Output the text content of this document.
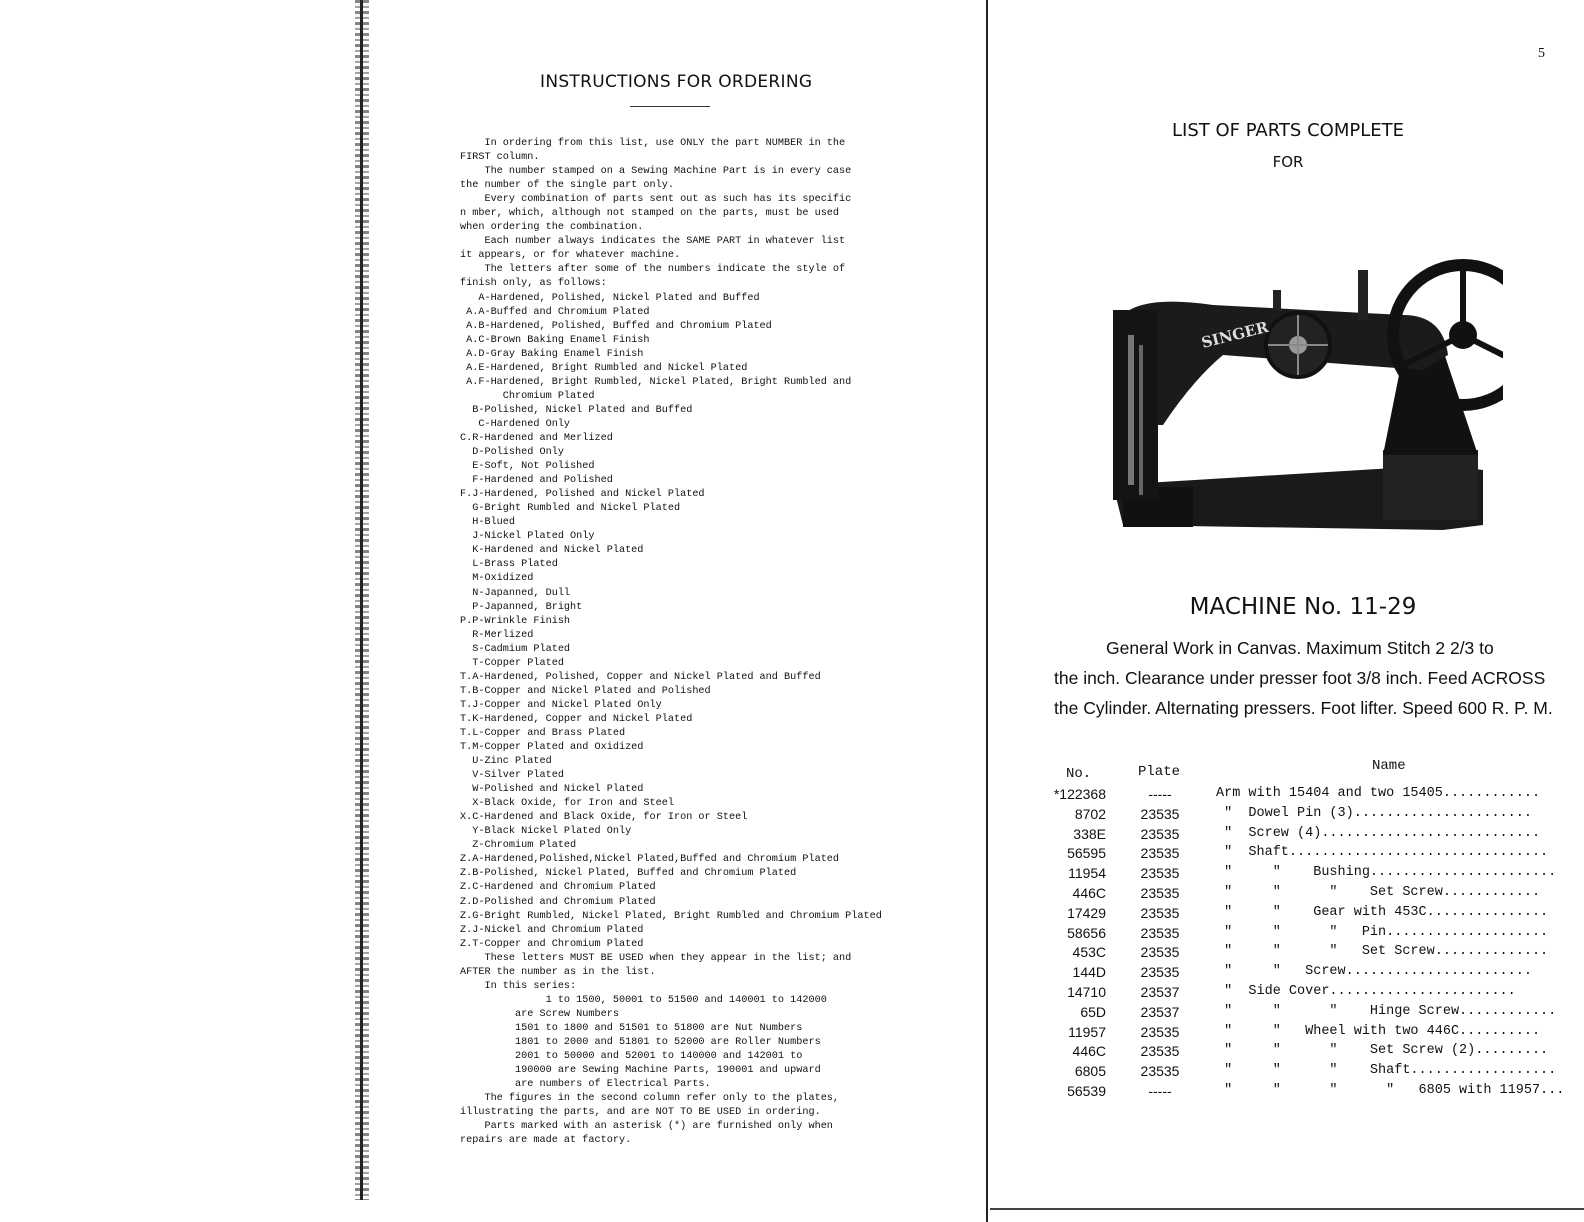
INSTRUCTIONS FOR ORDERING
In ordering from this list, use ONLY the part NUMBER in the
FIRST column.
The number stamped on a Sewing Machine Part is in every case
the number of the single part only.
Every combination of parts sent out as such has its specific
n mber, which, although not stamped on the parts, must be used
when ordering the combination.
Each number always indicates the SAME PART in whatever list
it appears, or for whatever machine.
The letters after some of the numbers indicate the style of
finish only, as follows:
A-Hardened, Polished, Nickel Plated and Buffed
A.A-Buffed and Chromium Plated
A.B-Hardened, Polished, Buffed and Chromium Plated
A.C-Brown Baking Enamel Finish
A.D-Gray Baking Enamel Finish
A.E-Hardened, Bright Rumbled and Nickel Plated
A.F-Hardened, Bright Rumbled, Nickel Plated, Bright Rumbled and
Chromium Plated
B-Polished, Nickel Plated and Buffed
C-Hardened Only
C.R-Hardened and Merlized
D-Polished Only
E-Soft, Not Polished
F-Hardened and Polished
F.J-Hardened, Polished and Nickel Plated
G-Bright Rumbled and Nickel Plated
H-Blued
J-Nickel Plated Only
K-Hardened and Nickel Plated
L-Brass Plated
M-Oxidized
N-Japanned, Dull
P-Japanned, Bright
P.P-Wrinkle Finish
R-Merlized
S-Cadmium Plated
T-Copper Plated
T.A-Hardened, Polished, Copper and Nickel Plated and Buffed
T.B-Copper and Nickel Plated and Polished
T.J-Copper and Nickel Plated Only
T.K-Hardened, Copper and Nickel Plated
T.L-Copper and Brass Plated
T.M-Copper Plated and Oxidized
U-Zinc Plated
V-Silver Plated
W-Polished and Nickel Plated
X-Black Oxide, for Iron and Steel
X.C-Hardened and Black Oxide, for Iron or Steel
Y-Black Nickel Plated Only
Z-Chromium Plated
Z.A-Hardened,Polished,Nickel Plated,Buffed and Chromium Plated
Z.B-Polished, Nickel Plated, Buffed and Chromium Plated
Z.C-Hardened and Chromium Plated
Z.D-Polished and Chromium Plated
Z.G-Bright Rumbled, Nickel Plated, Bright Rumbled and Chromium Plated
Z.J-Nickel and Chromium Plated
Z.T-Copper and Chromium Plated
These letters MUST BE USED when they appear in the list; and
AFTER the number as in the list.
In this series:
1 to 1500, 50001 to 51500 and 140001 to 142000
are Screw Numbers
1501 to 1800 and 51501 to 51800 are Nut Numbers
1801 to 2000 and 51801 to 52000 are Roller Numbers
2001 to 50000 and 52001 to 140000 and 142001 to
190000 are Sewing Machine Parts, 190001 and upward
are numbers of Electrical Parts.
The figures in the second column refer only to the plates,
illustrating the parts, and are NOT TO BE USED in ordering.
Parts marked with an asterisk (*) are furnished only when
repairs are made at factory.
5
LIST OF PARTS COMPLETE
FOR
SINGER
MACHINE No. 11-29
General Work in Canvas. Maximum Stitch 2 2/3 to
the inch. Clearance under presser foot 3/8 inch. Feed ACROSS
the Cylinder. Alternating pressers. Foot lifter. Speed 600 R. P. M.
No.	Plate	Name
*122368	-----	Arm with 15404 and two 15405............
8702	23535	"  Dowel Pin (3)......................
338E	23535	"  Screw (4)...........................
56595	23535	"  Shaft................................
11954	23535	"     "    Bushing.......................
446C	23535	"     "      "    Set Screw............
17429	23535	"     "    Gear with 453C...............
58656	23535	"     "      "   Pin....................
453C	23535	"     "      "   Set Screw..............
144D	23535	"     "   Screw.......................
14710	23537	"  Side Cover.......................
65D	23537	"     "      "    Hinge Screw............
11957	23535	"     "   Wheel with two 446C..........
446C	23535	"     "      "    Set Screw (2).........
6805	23535	"     "      "    Shaft..................
56539	-----	"     "      "      "   6805 with 11957...
